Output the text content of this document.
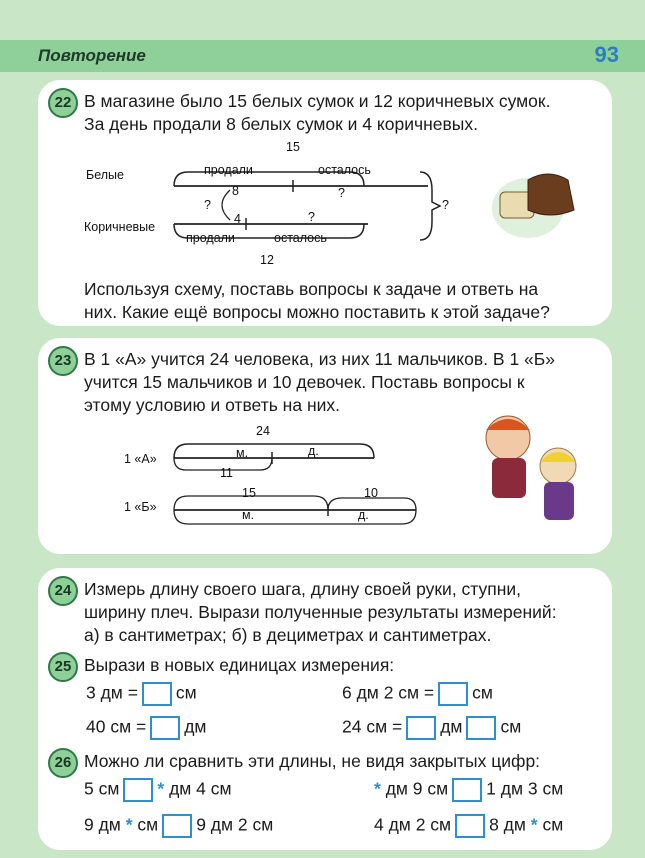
Повторение	93
22 В магазине было 15 белых сумок и 12 коричневых сумок.
За день продали 8 белых сумок и 4 коричневых.
15
продали	осталось
Белые
8	?
?	?
4	?
Коричневые
продали	осталось
12
Используя схему, поставь вопросы к задаче и ответь на
них. Какие ещё вопросы можно поставить к этой задаче?
23 В 1 «А» учится 24 человека, из них 11 мальчиков. В 1 «Б»
учится 15 мальчиков и 10 девочек. Поставь вопросы к
этому условию и ответь на них.
24
м.	д.
1 «А»
11
15	10
1 «Б»
м.	д.
24 Измерь длину своего шага, длину своей руки, ступни,
ширину плеч. Вырази полученные результаты измерений:
а) в сантиметрах; б) в дециметрах и сантиметрах.
25 Вырази в новых единицах измерения:
3 дм = см	6 дм 2 см = см
40 см = дм	24 см = дм см
26 Можно ли сравнить эти длины, не видя закрытых цифр:
5 см * дм 4 см	* дм 9 см 1 дм 3 см
9 дм * см 9 дм 2 см	4 дм 2 см 8 дм * см
